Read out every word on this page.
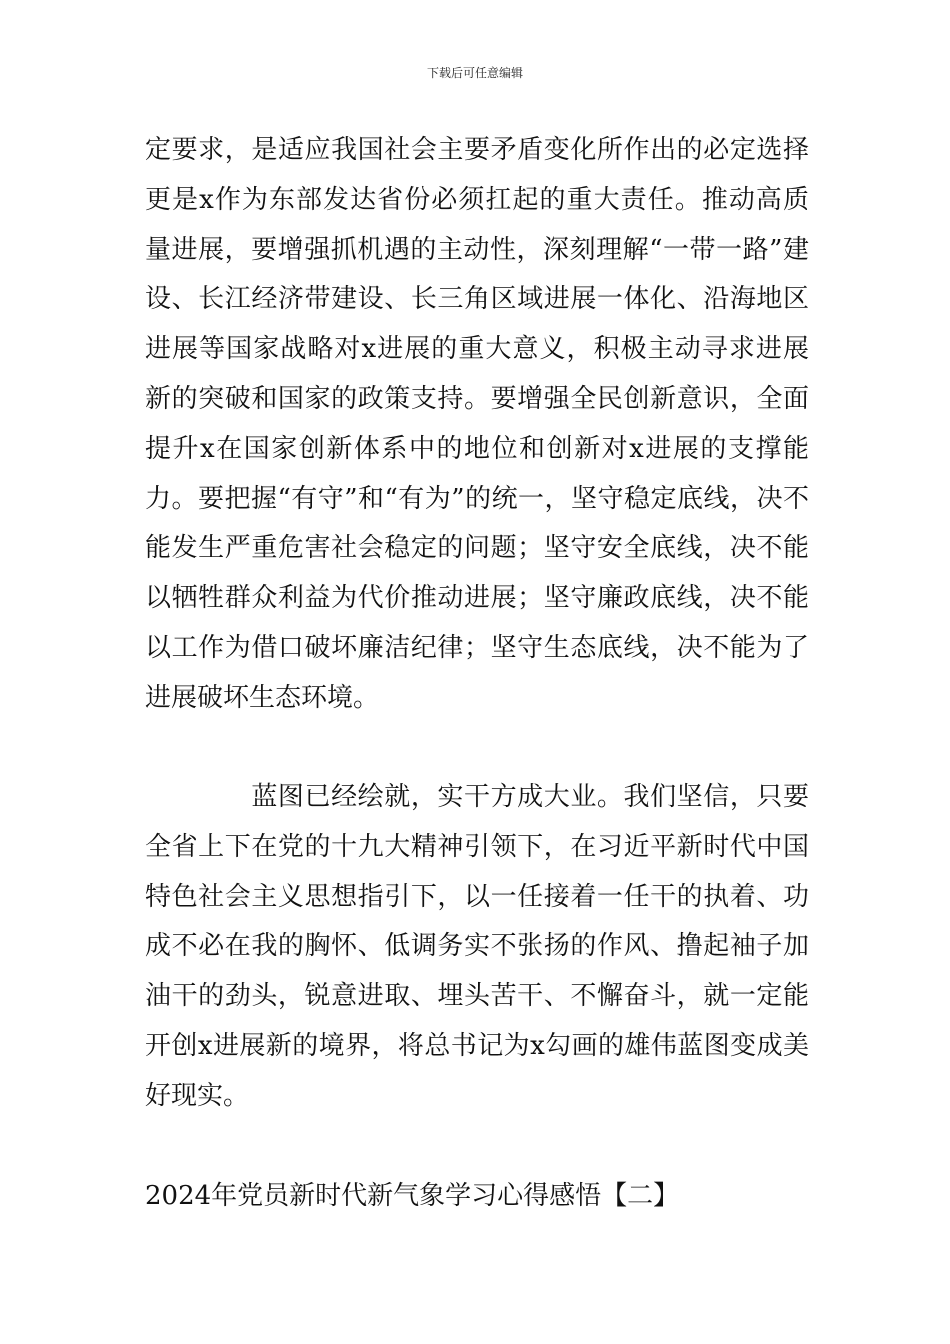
下载后可任意编辑

定要求，是适应我国社会主要矛盾变化所作出的必定选择更是x作为东部发达省份必须扛起的重大责任。推动高质量进展，要增强抓机遇的主动性，深刻理解“一带一路”建设、长江经济带建设、长三角区域进展一体化、沿海地区进展等国家战略对x进展的重大意义，积极主动寻求进展新的突破和国家的政策支持。要增强全民创新意识，全面提升x在国家创新体系中的地位和创新对x进展的支撑能力。要把握“有守”和“有为”的统一，坚守稳定底线，决不能发生严重危害社会稳定的问题；坚守安全底线，决不能以牺牲群众利益为代价推动进展；坚守廉政底线，决不能以工作为借口破坏廉洁纪律；坚守生态底线，决不能为了进展破坏生态环境。

　　　　蓝图已经绘就，实干方成大业。我们坚信，只要全省上下在党的十九大精神引领下，在习近平新时代中国特色社会主义思想指引下，以一任接着一任干的执着、功成不必在我的胸怀、低调务实不张扬的作风、撸起袖子加油干的劲头，锐意进取、埋头苦干、不懈奋斗，就一定能开创x进展新的境界，将总书记为x勾画的雄伟蓝图变成美好现实。

2024年党员新时代新气象学习心得感悟【二】
